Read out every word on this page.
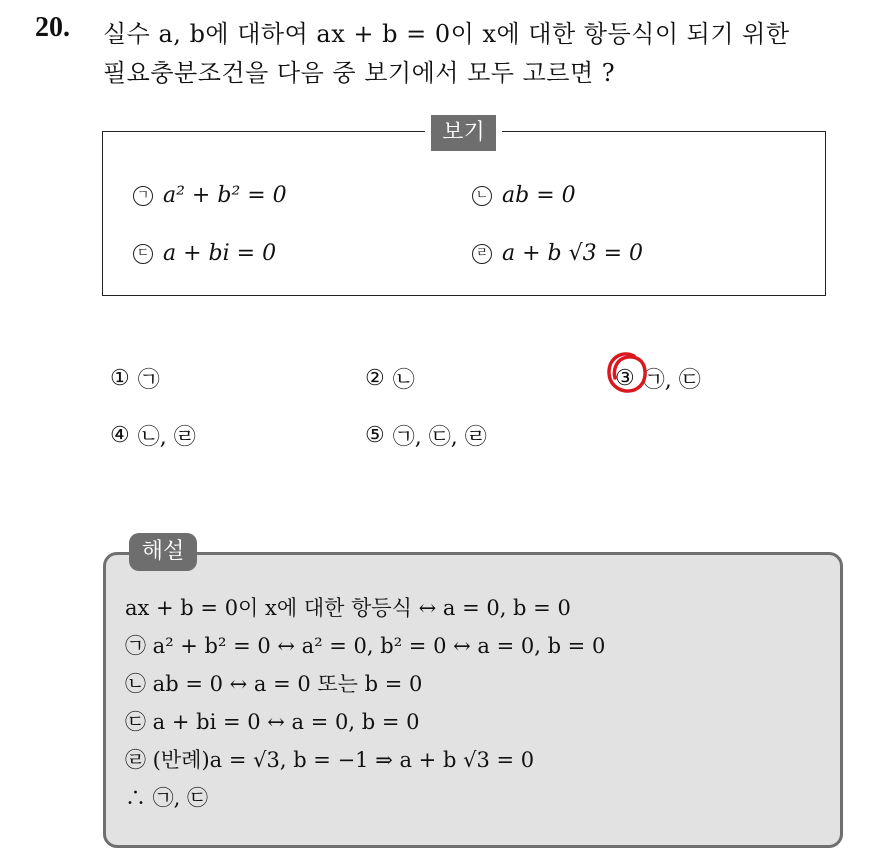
20. 실수 a, b에 대하여 ax + b = 0이 x에 대한 항등식이 되기 위한
필요충분조건을 다음 중 보기에서 모두 고르면 ?
보기
ㄱ a² + b² = 0	ㄴ ab = 0
ㄷ a + bi = 0	ㄹ a + b √3 = 0
① ㉠	② ㉡	③ ㉠, ㉢
④ ㉡, ㉣	⑤ ㉠, ㉢, ㉣
해설
ax + b = 0이 x에 대한 항등식 ↔ a = 0, b = 0
㉠ a² + b² = 0 ↔ a² = 0, b² = 0 ↔ a = 0, b = 0
㉡ ab = 0 ↔ a = 0 또는 b = 0
㉢ a + bi = 0 ↔ a = 0, b = 0
㉣ (반례)a = √3, b = −1 ⇒ a + b √3 = 0
∴ ㉠, ㉢
